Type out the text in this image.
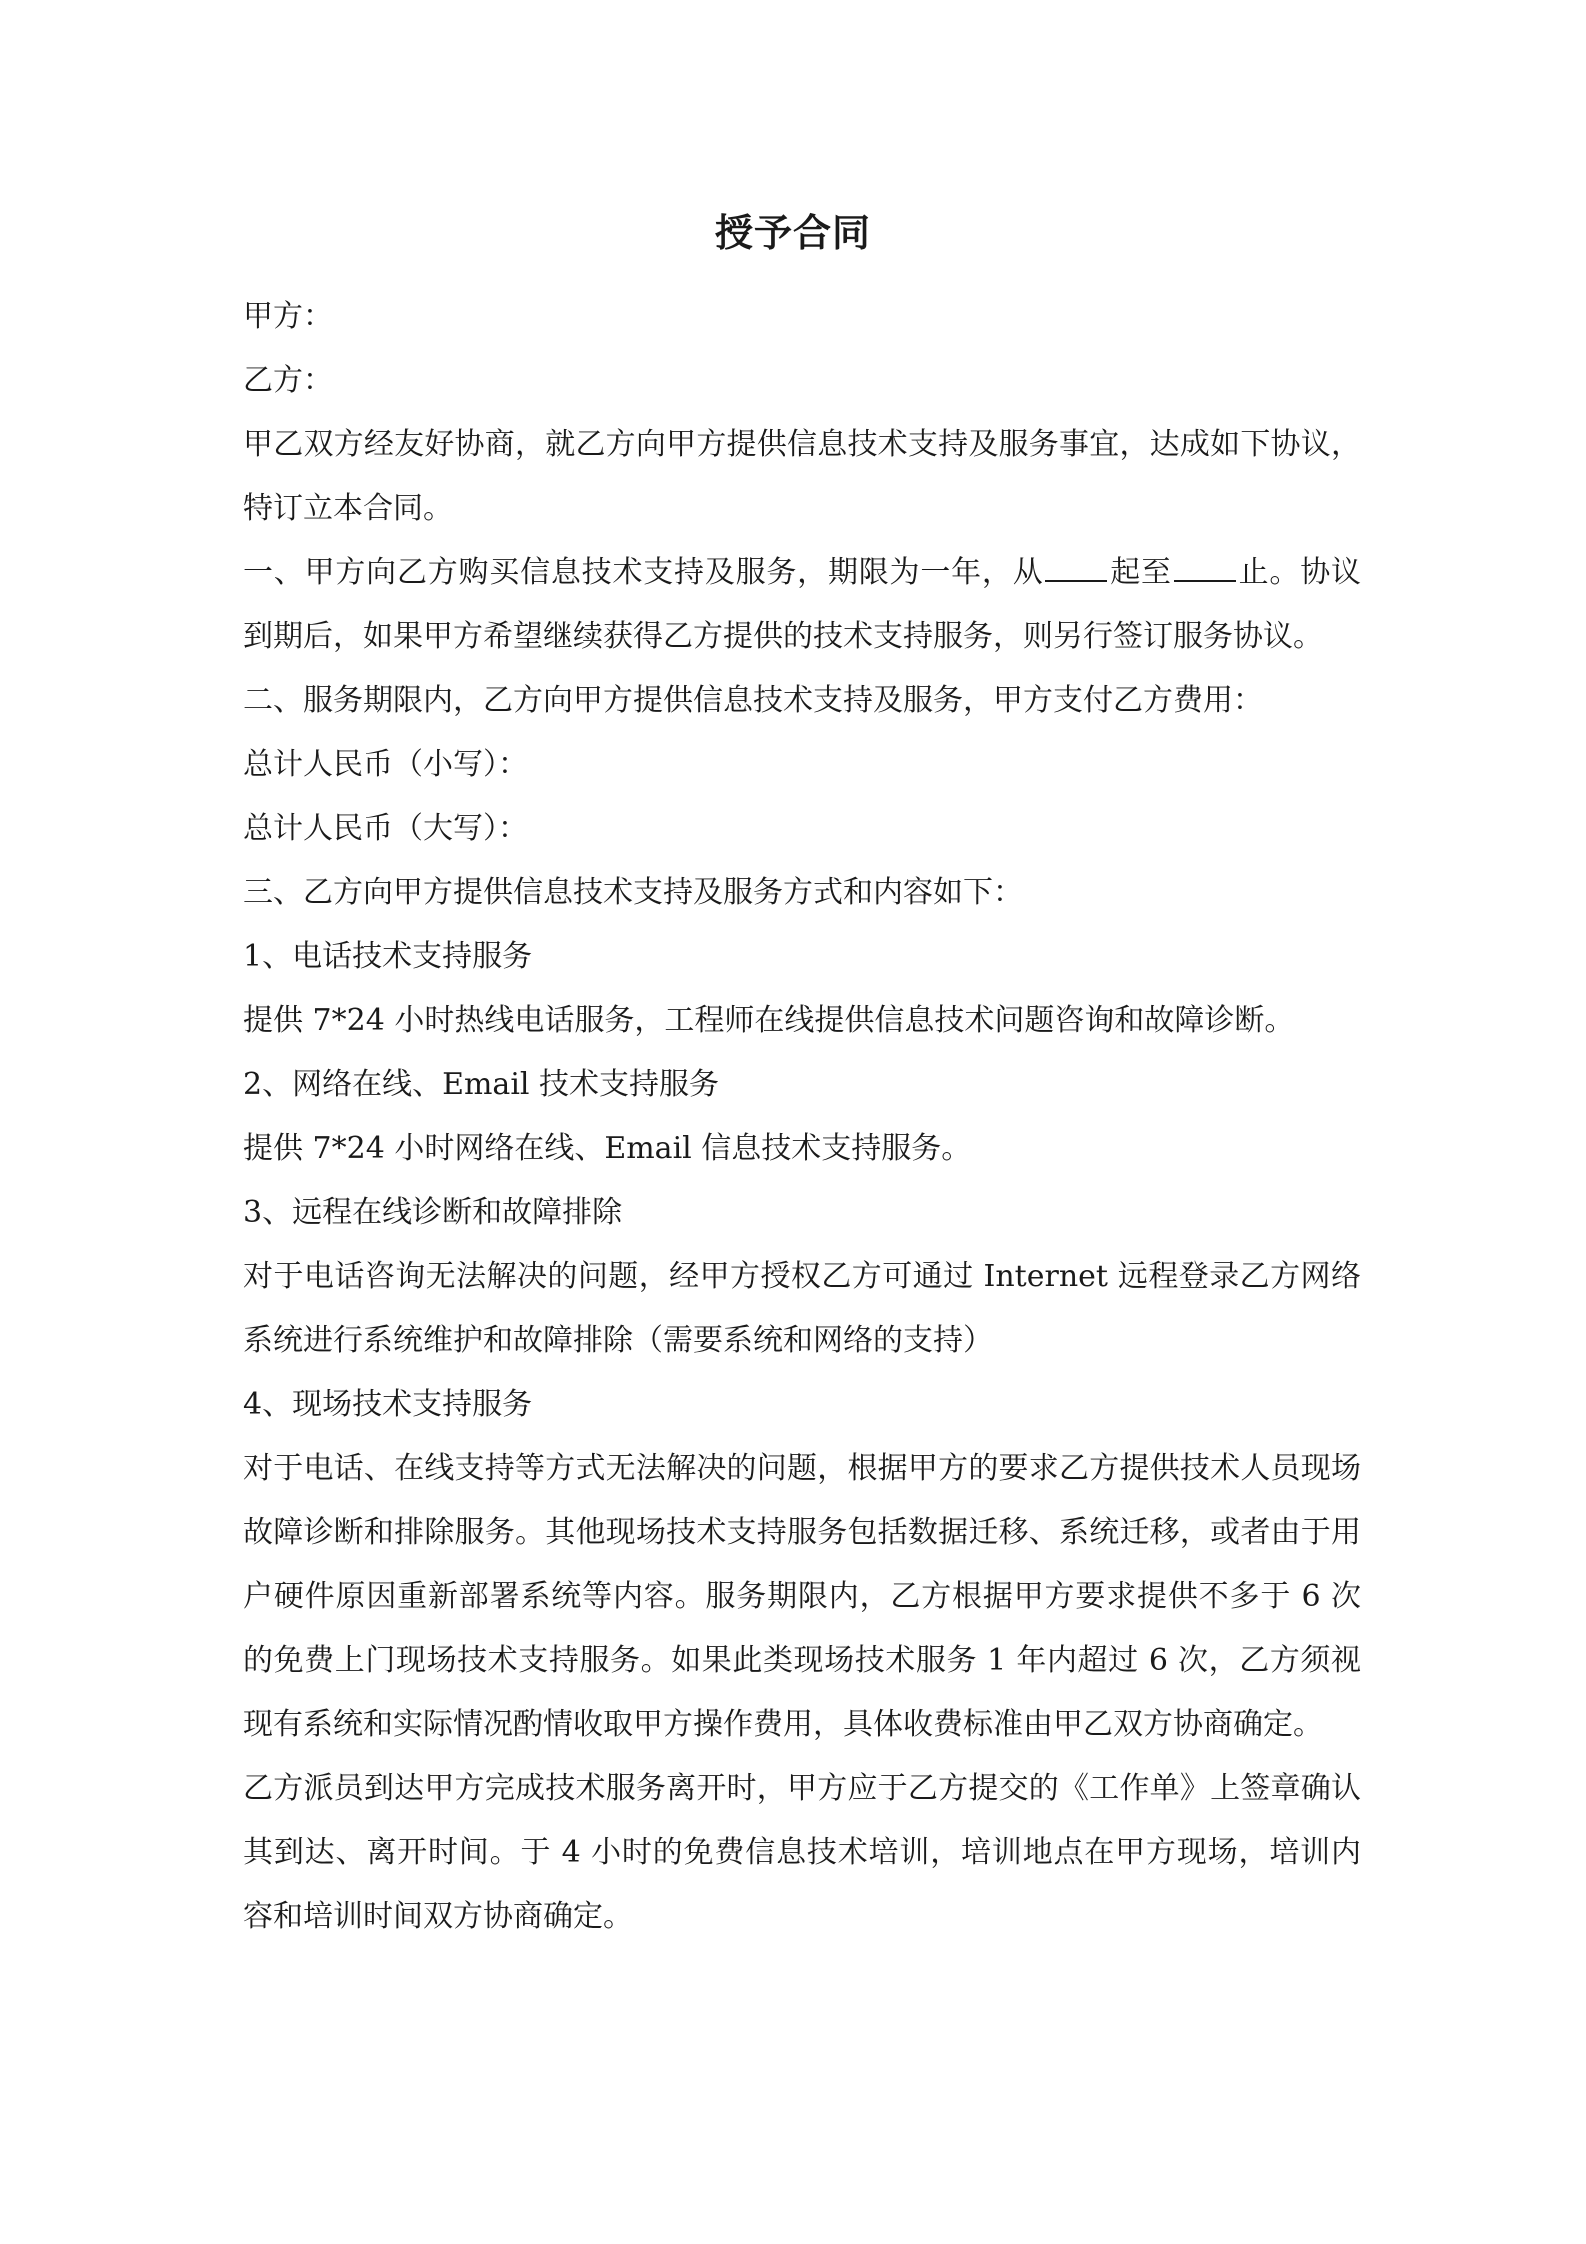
授予合同

甲方：

乙方：

甲乙双方经友好协商，就乙方向甲方提供信息技术支持及服务事宜，达成如下协议，特订立本合同。

一、甲方向乙方购买信息技术支持及服务，期限为一年，从 起至 止。协议到期后，如果甲方希望继续获得乙方提供的技术支持服务，则另行签订服务协议。

二、服务期限内，乙方向甲方提供信息技术支持及服务，甲方支付乙方费用：

总计人民币（小写）：

总计人民币（大写）：

三、乙方向甲方提供信息技术支持及服务方式和内容如下：

1、电话技术支持服务

提供 7*24 小时热线电话服务，工程师在线提供信息技术问题咨询和故障诊断。

2、网络在线、Email 技术支持服务

提供 7*24 小时网络在线、Email 信息技术支持服务。

3、远程在线诊断和故障排除

对于电话咨询无法解决的问题，经甲方授权乙方可通过 Internet 远程登录乙方网络系统进行系统维护和故障排除（需要系统和网络的支持）

4、现场技术支持服务

对于电话、在线支持等方式无法解决的问题，根据甲方的要求乙方提供技术人员现场故障诊断和排除服务。其他现场技术支持服务包括数据迁移、系统迁移，或者由于用户硬件原因重新部署系统等内容。服务期限内，乙方根据甲方要求提供不多于 6 次的免费上门现场技术支持服务。如果此类现场技术服务 1 年内超过 6 次，乙方须视现有系统和实际情况酌情收取甲方操作费用，具体收费标准由甲乙双方协商确定。

乙方派员到达甲方完成技术服务离开时，甲方应于乙方提交的《工作单》上签章确认其到达、离开时间。于 4 小时的免费信息技术培训，培训地点在甲方现场，培训内容和培训时间双方协商确定。
